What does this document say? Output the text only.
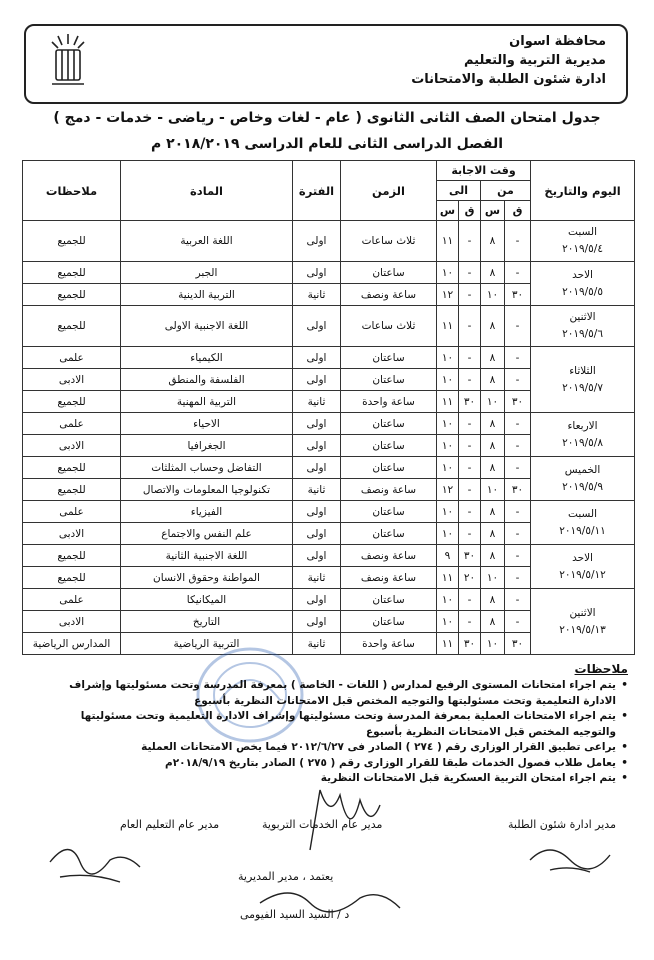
محافظة اسوان
مديرية التربية والتعليم
ادارة شئون الطلبة والامتحانات
جدول امتحان الصف الثانى الثانوى ( عام - لغات وخاص - رياضى - خدمات - دمج )
الفصل الدراسى الثانى للعام الدراسى ٢٠١٨/٢٠١٩ م
ملاحظات	المادة	الفترة	الزمن	وقت الاجابة				اليوم والتاريخ
				الى		من		
				س	ق	س	ق	
للجميع	اللغة العربية	اولى	ثلاث ساعات	١١	-	٨	-	السبت
٢٠١٩/٥/٤

للجميع	الجبر	اولى	ساعتان	١٠	-	٨	-	الاحد
٢٠١٩/٥/٥

للجميع	التربية الدينية	ثانية	ساعة ونصف	١٢	-	١٠	٣٠	
للجميع	اللغة الاجنبية الاولى	اولى	ثلاث ساعات	١١	-	٨	-	الاثنين
٢٠١٩/٥/٦

علمى	الكيمياء	اولى	ساعتان	١٠	-	٨	-	الثلاثاء
٢٠١٩/٥/٧

الادبى	الفلسفة والمنطق	اولى	ساعتان	١٠	-	٨	-	
للجميع	التربية المهنية	ثانية	ساعة واحدة	١١	٣٠	١٠	٣٠	
علمى	الاحياء	اولى	ساعتان	١٠	-	٨	-	الاربعاء
٢٠١٩/٥/٨

الادبى	الجغرافيا	اولى	ساعتان	١٠	-	٨	-	
للجميع	التفاضل وحساب المثلثات	اولى	ساعتان	١٠	-	٨	-	الخميس
٢٠١٩/٥/٩

للجميع	تكنولوجيا المعلومات والاتصال	ثانية	ساعة ونصف	١٢	-	١٠	٣٠	
علمى	الفيزياء	اولى	ساعتان	١٠	-	٨	-	السبت
٢٠١٩/٥/١١

الادبى	علم النفس والاجتماع	اولى	ساعتان	١٠	-	٨	-	
للجميع	اللغة الاجنبية الثانية	اولى	ساعة ونصف	٩	٣٠	٨	-	الاحد
٢٠١٩/٥/١٢

للجميع	المواطنة وحقوق الانسان	ثانية	ساعة ونصف	١١	٢٠	١٠	-	
علمى	الميكانيكا	اولى	ساعتان	١٠	-	٨	-	الاثنين
٢٠١٩/٥/١٣

الادبى	التاريخ	اولى	ساعتان	١٠	-	٨	-	
المدارس الرياضية	التربية الرياضية	ثانية	ساعة واحدة	١١	٣٠	١٠	٣٠	
ملاحظات
• يتم اجراء امتحانات المستوى الرفيع لمدارس ( اللغات - الخاصة ) بمعرفة المدرسة وتحت مسئوليتها وإشراف الادارة التعليمية وتحت مسئوليتها والتوجيه المختص قبل الامتحانات النظرية بأسبوع
• يتم اجراء الامتحانات العملية بمعرفة المدرسة وتحت مسئوليتها وإشراف الادارة التعليمية وتحت مسئوليتها والتوجيه المختص قبل الامتحانات النظرية بأسبوع
• يراعى تطبيق القرار الوزارى رقم ( ٢٧٤ ) الصادر فى ٢٠١٢/٦/٢٧ فيما يخص الامتحانات العملية
• يعامل طلاب فصول الخدمات طبقا للقرار الوزارى رقم ( ٢٧٥ ) الصادر بتاريخ ٢٠١٨/٩/١٩م
• يتم اجراء امتحان التربية العسكرية قبل الامتحانات النظرية
مدير عام التعليم العام	مدير عام الخدمات التربوية	مدير ادارة شئون الطلبة
يعتمد ، مدير المديرية
د / السيد السيد الفيومى
